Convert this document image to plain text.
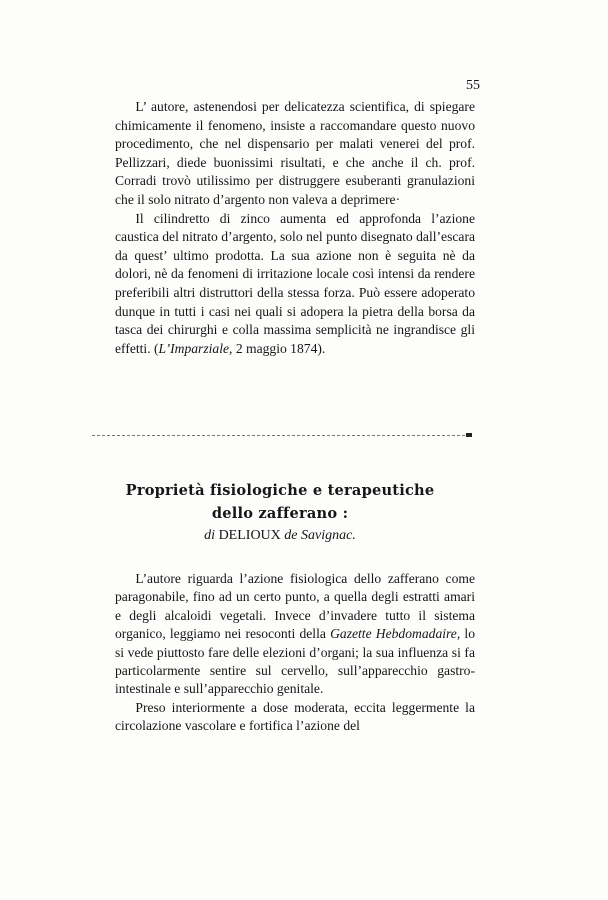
55

L’ autore, astenendosi per delicatezza scientifica, di spiegare chimicamente il fenomeno, insiste a raccomandare questo nuovo procedimento, che nel dispensario per malati venerei del prof. Pellizzari, diede buonissimi risultati, e che anche il ch. prof. Corradi trovò utilissimo per distruggere esuberanti granulazioni che il solo nitrato d’argento non valeva a deprimere·

Il cilindretto di zinco aumenta ed approfonda l’azione caustica del nitrato d’argento, solo nel punto disegnato dall’escara da quest’ ultimo prodotta. La sua azione non è seguita nè da dolori, nè da fenomeni di irritazione locale così intensi da rendere preferibili altri distruttori della stessa forza. Può essere adoperato dunque in tutti i casi nei quali si adopera la pietra della borsa da tasca dei chirurghi e colla massima semplicità ne ingrandisce gli effetti. (L’Imparziale, 2 maggio 1874).

Proprietà fisiologiche e terapeutiche
dello zafferano :
di DELIOUX de Savignac.

L’autore riguarda l’azione fisiologica dello zafferano come paragonabile, fino ad un certo punto, a quella degli estratti amari e degli alcaloidi vegetali. Invece d’invadere tutto il sistema organico, leggiamo nei resoconti della Gazette Hebdomadaire, lo si vede piuttosto fare delle elezioni d’organi; la sua influenza si fa particolarmente sentire sul cervello, sull’apparecchio gastro-intestinale e sull’apparecchio genitale.

Preso interiormente a dose moderata, eccita leggermente la circolazione vascolare e fortifica l’azione del
